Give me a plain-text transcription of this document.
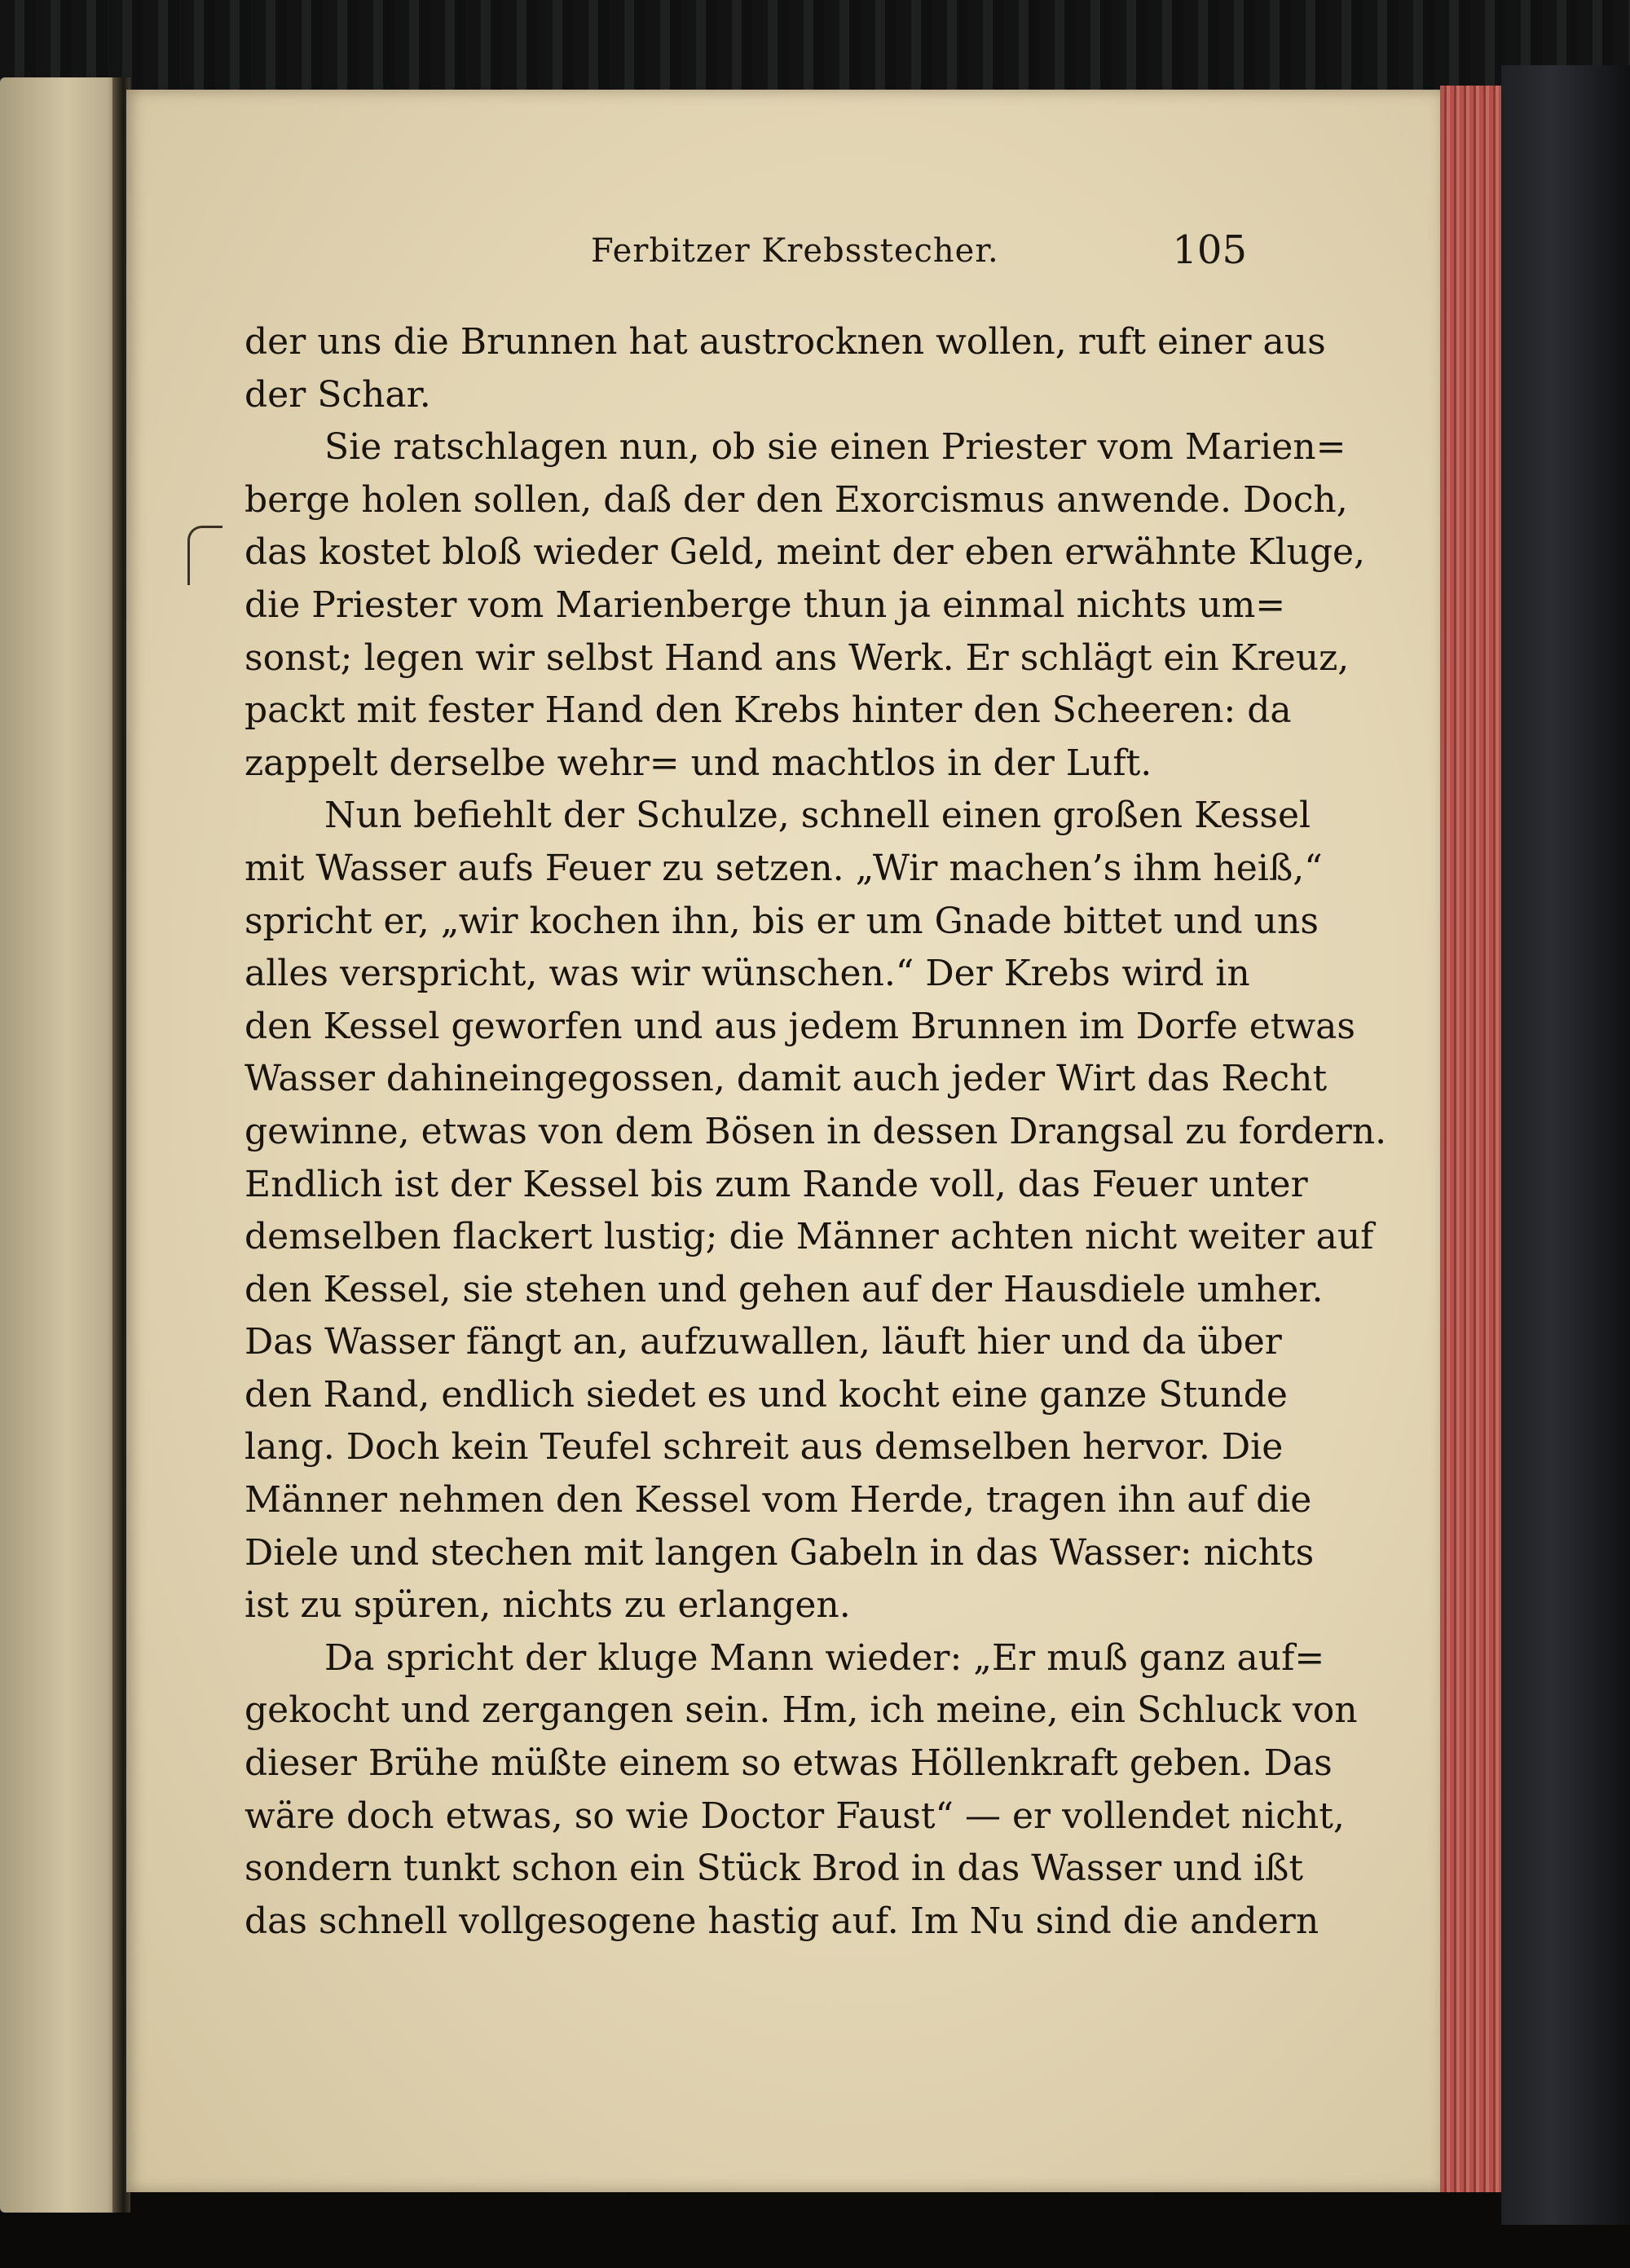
Ferbitzer Krebsstecher.	105
der uns die Brunnen hat austrocknen wollen, ruft einer aus
der Schar.
Sie ratschlagen nun, ob sie einen Priester vom Marien=
berge holen sollen, daß der den Exorcismus anwende. Doch,
das kostet bloß wieder Geld, meint der eben erwähnte Kluge,
die Priester vom Marienberge thun ja einmal nichts um=
sonst; legen wir selbst Hand ans Werk. Er schlägt ein Kreuz,
packt mit fester Hand den Krebs hinter den Scheeren: da
zappelt derselbe wehr= und machtlos in der Luft.
Nun befiehlt der Schulze, schnell einen großen Kessel
mit Wasser aufs Feuer zu setzen. „Wir machen’s ihm heiß,“
spricht er, „wir kochen ihn, bis er um Gnade bittet und uns
alles verspricht, was wir wünschen.“ Der Krebs wird in
den Kessel geworfen und aus jedem Brunnen im Dorfe etwas
Wasser dahineingegossen, damit auch jeder Wirt das Recht
gewinne, etwas von dem Bösen in dessen Drangsal zu fordern.
Endlich ist der Kessel bis zum Rande voll, das Feuer unter
demselben flackert lustig; die Männer achten nicht weiter auf
den Kessel, sie stehen und gehen auf der Hausdiele umher.
Das Wasser fängt an, aufzuwallen, läuft hier und da über
den Rand, endlich siedet es und kocht eine ganze Stunde
lang. Doch kein Teufel schreit aus demselben hervor. Die
Männer nehmen den Kessel vom Herde, tragen ihn auf die
Diele und stechen mit langen Gabeln in das Wasser: nichts
ist zu spüren, nichts zu erlangen.
Da spricht der kluge Mann wieder: „Er muß ganz auf=
gekocht und zergangen sein. Hm, ich meine, ein Schluck von
dieser Brühe müßte einem so etwas Höllenkraft geben. Das
wäre doch etwas, so wie Doctor Faust“ — er vollendet nicht,
sondern tunkt schon ein Stück Brod in das Wasser und ißt
das schnell vollgesogene hastig auf. Im Nu sind die andern
